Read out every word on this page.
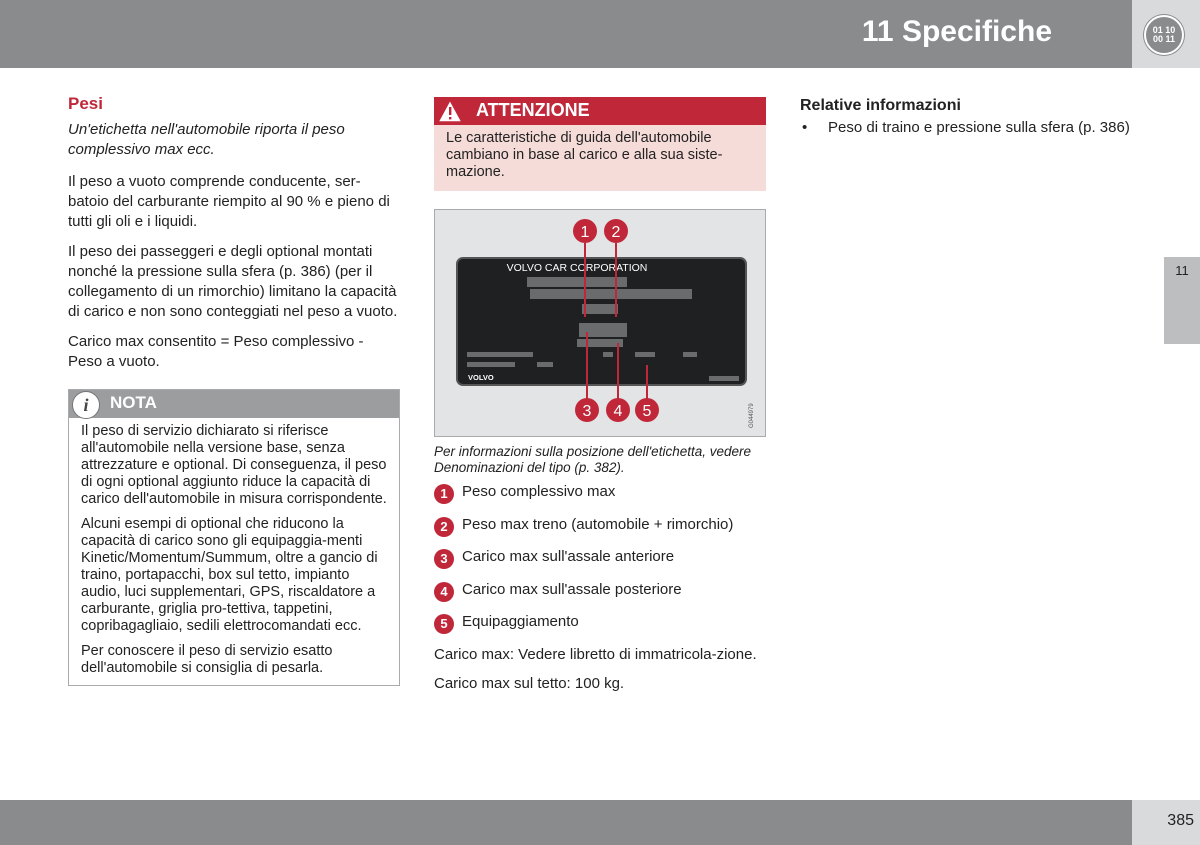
11 Specifiche	01 10
00 11
11
Pesi

Un'etichetta nell'automobile riporta il peso complessivo max ecc.

Il peso a vuoto comprende conducente, ser-batoio del carburante riempito al 90 % e pieno di tutti gli oli e i liquidi.

Il peso dei passeggeri e degli optional montati nonché la pressione sulla sfera (p. 386) (per il collegamento di un rimorchio) limitano la capacità di carico e non sono conteggiati nel peso a vuoto.

Carico max consentito = Peso complessivo - Peso a vuoto.

i	NOTA

Il peso di servizio dichiarato si riferisce all'automobile nella versione base, senza attrezzature e optional. Di conseguenza, il peso di ogni optional aggiunto riduce la capacità di carico dell'automobile in misura corrispondente.

Alcuni esempi di optional che riducono la capacità di carico sono gli equipaggia-menti Kinetic/Momentum/Summum, oltre a gancio di traino, portapacchi, box sul tetto, impianto audio, luci supplementari, GPS, riscaldatore a carburante, griglia pro-tettiva, tappetini, copribagagliaio, sedili elettrocomandati ecc.

Per conoscere il peso di servizio esatto dell'automobile si consiglia di pesarla.

ATTENZIONE
Le caratteristiche di guida dell'automobile cambiano in base al carico e alla sua siste-mazione.
VOLVO CAR CORPORATION
VOLVO
1 2
3 4 5	G044979

Per informazioni sulla posizione dell'etichetta, vedere Denominazioni del tipo (p. 382).

1 Peso complessivo max
2 Peso max treno (automobile + rimorchio)
3 Carico max sull'assale anteriore
4 Carico max sull'assale posteriore
5 Equipaggiamento

Carico max: Vedere libretto di immatricola-zione.

Carico max sul tetto: 100 kg.

Relative informazioni
• Peso di traino e pressione sulla sfera (p. 386)
385
